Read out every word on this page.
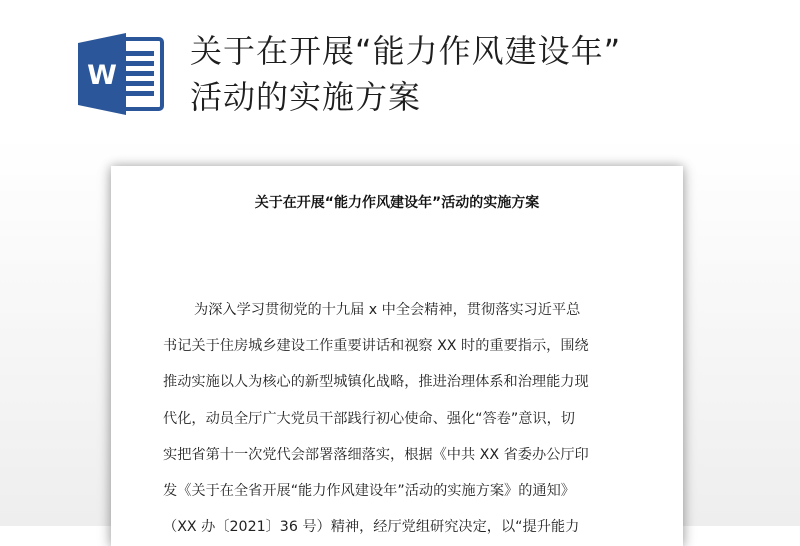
W
关于在开展“能力作风建设年”
活动的实施方案
关于在开展“能力作风建设年”活动的实施方案
为深入学习贯彻党的十九届 x 中全会精神，贯彻落实习近平总
书记关于住房城乡建设工作重要讲话和视察 XX 时的重要指示，围绕
推动实施以人为核心的新型城镇化战略，推进治理体系和治理能力现
代化，动员全厅广大党员干部践行初心使命、强化“答卷”意识，切
实把省第十一次党代会部署落细落实，根据《中共 XX 省委办公厅印
发《关于在全省开展“能力作风建设年”活动的实施方案》的通知》
（XX 办〔2021〕36 号）精神，经厅党组研究决定，以“提升能力
